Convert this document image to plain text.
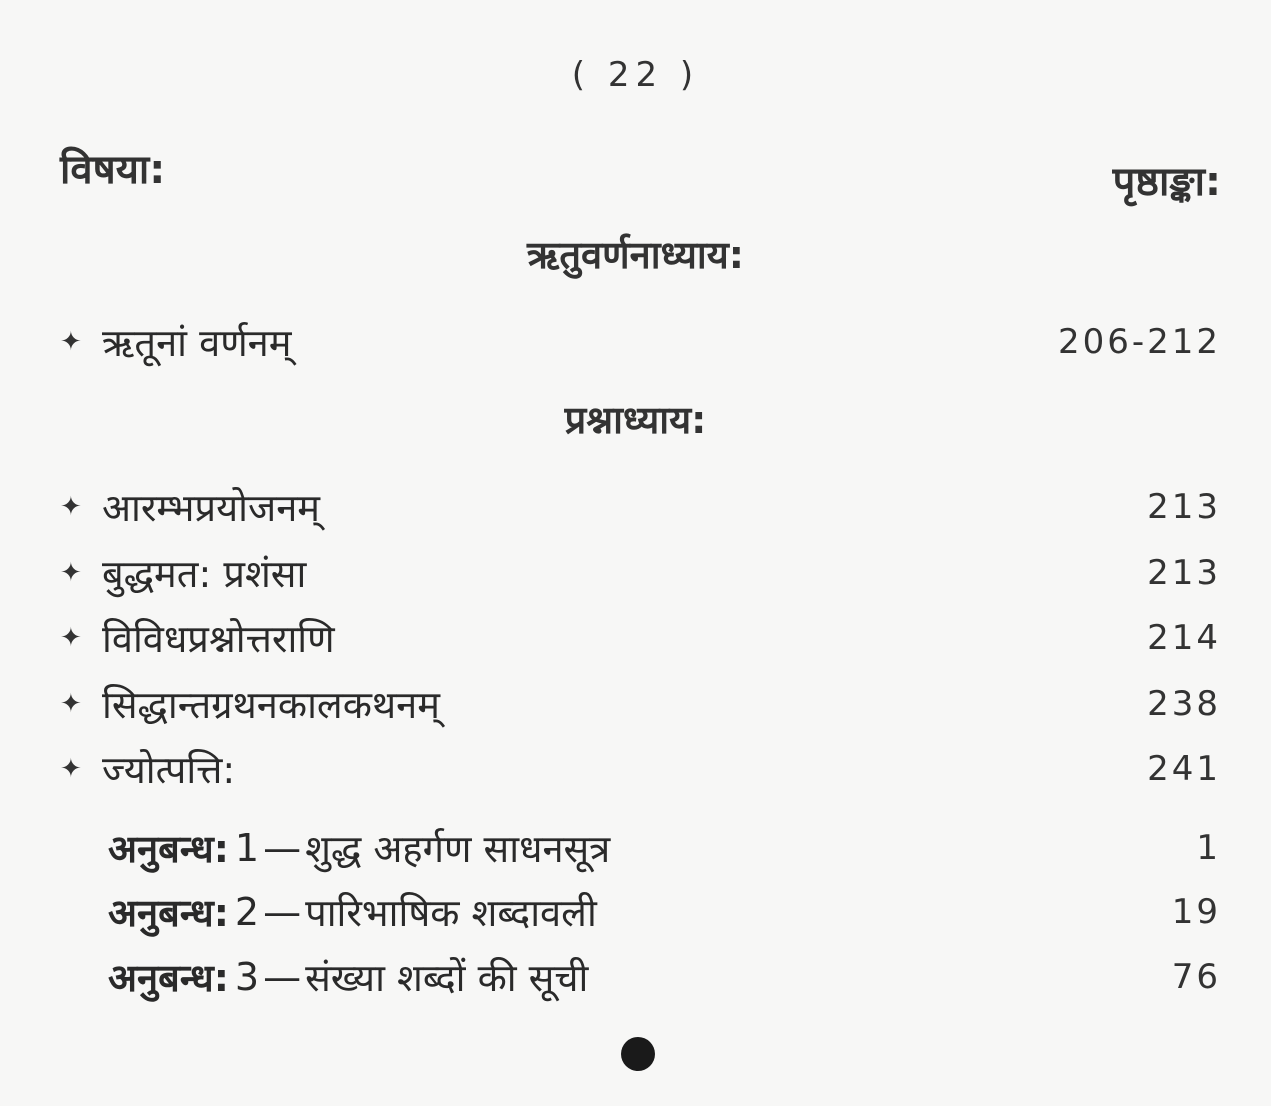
( 22 )
विषया:	पृष्ठाङ्का:
ऋतुवर्णनाध्याय:
✦ ऋतूनां वर्णनम्	206-212
प्रश्नाध्याय:
✦ आरम्भप्रयोजनम्	213
✦ बुद्धमत: प्रशंसा	213
✦ विविधप्रश्नोत्तराणि	214
✦ सिद्धान्तग्रथनकालकथनम्	238
✦ ज्योत्पत्ति:	241
अनुबन्ध: 1 — शुद्ध अहर्गण साधनसूत्र	1
अनुबन्ध: 2 — पारिभाषिक शब्दावली	19
अनुबन्ध: 3 — संख्या शब्दों की सूची	76
